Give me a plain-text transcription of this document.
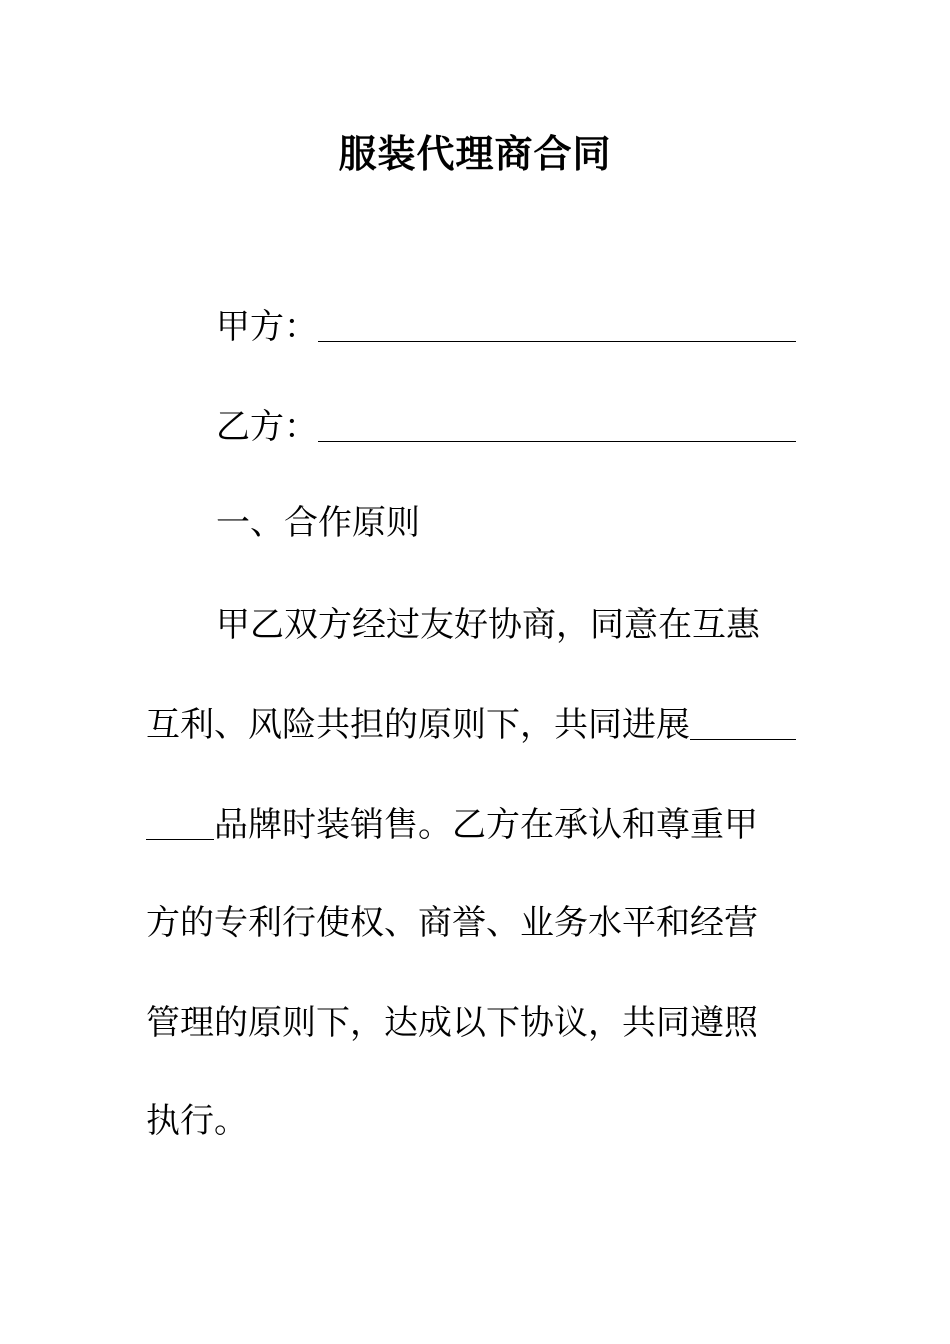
服装代理商合同
甲方：
乙方：
一、合作原则
甲乙双方经过友好协商，同意在互惠
互利、风险共担的原则下，共同进展
品牌时装销售。乙方在承认和尊重甲
方的专利行使权、商誉、业务水平和经营
管理的原则下，达成以下协议，共同遵照
执行。
